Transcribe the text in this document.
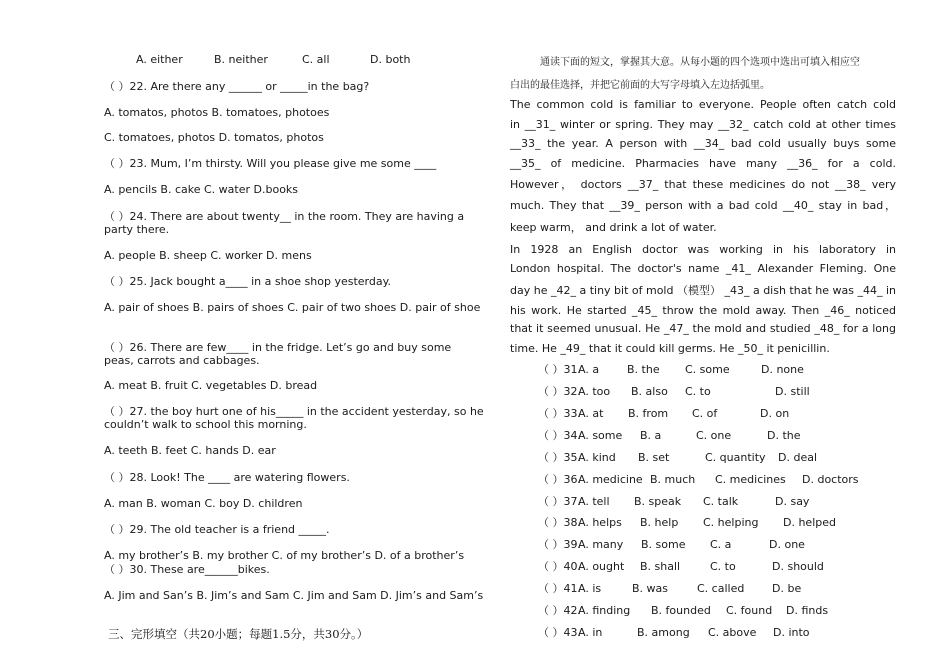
A. either	B. neither	C. all	D. both
（ ）22. Are there any ______ or _____in the bag?
A. tomatos, photos B. tomatoes, photoes
C. tomatoes, photos D. tomatos, photos
（ ）23. Mum, I’m thirsty. Will you please give me some ____
A. pencils B. cake C. water D.books
（ ）24. There are about twenty__ in the room. They are having a party there.
A. people B. sheep C. worker D. mens
（ ）25. Jack bought a____ in a shoe shop yesterday.
A. pair of shoes B. pairs of shoes C. pair of two shoes D. pair of shoe
（ ）26. There are few____ in the fridge. Let’s go and buy some peas, carrots and cabbages.
A. meat B. fruit C. vegetables D. bread
（ ）27. the boy hurt one of his_____ in the accident yesterday, so he couldn’t walk to school this morning.
A. teeth B. feet C. hands D. ear
（ ）28. Look! The ____ are watering flowers.
A. man B. woman C. boy D. children
（ ）29. The old teacher is a friend _____.
A. my brother’s B. my brother C. of my brother’s D. of a brother’s
（ ）30. These are______bikes.
A. Jim and San’s B. Jim’s and Sam C. Jim and Sam D. Jim’s and Sam’s
三、完形填空（共20小题；每题1.5分，共30分。）
通读下面的短文，掌握其大意。从每小题的四个选项中选出可填入相应空
白出的最佳选择，并把它前面的大写字母填入左边括弧里。
The common cold is familiar to everyone. People often catch cold
in __31_ winter or spring. They may __32_ catch cold at other times
__33_ the year. A person with __34_ bad cold usually buys some
__35_ of medicine. Pharmacies have many __36_ for a cold.
However， doctors __37_ that these medicines do not __38_ very
much. They that __39_ person with a bad cold __40_ stay in bad，
keep warm， and drink a lot of water.
In 1928 an English doctor was working in his laboratory in
London hospital. The doctor's name _41_ Alexander Fleming. One
day he _42_ a tiny bit of mold （模型） _43_ a dish that he was _44_ in
his work. He started _45_ throw the mold away. Then _46_ noticed
that it seemed unusual. He _47_ the mold and studied _48_ for a long
time. He _49_ that it could kill germs. He _50_ it penicillin.
（ ）31.
A. a	B. the C. some	D. none
（ ）32.
A. too B. also C. to	D. still
（ ）33.
A. at B. from C. of	D. on
（ ）34.
A. some B. a	C. one	D. the
（ ）35.
A. kind B. set	C. quantity D. deal
（ ）36.
A. medicine B. much C. medicines D. doctors
（ ）37.
A. tell B. speak C. talk	D. say
（ ）38.
A. helps B. help C. helping D. helped
（ ）39.
A. many B. some C. a	D. one
（ ）40.
A. ought B. shall	C. to	D. should
（ ）41.
A. is	B. was	C. called	D. be
（ ）42.
A. finding B. founded C. found D. finds
（ ）43.
A. in	B. among C. above D. into
